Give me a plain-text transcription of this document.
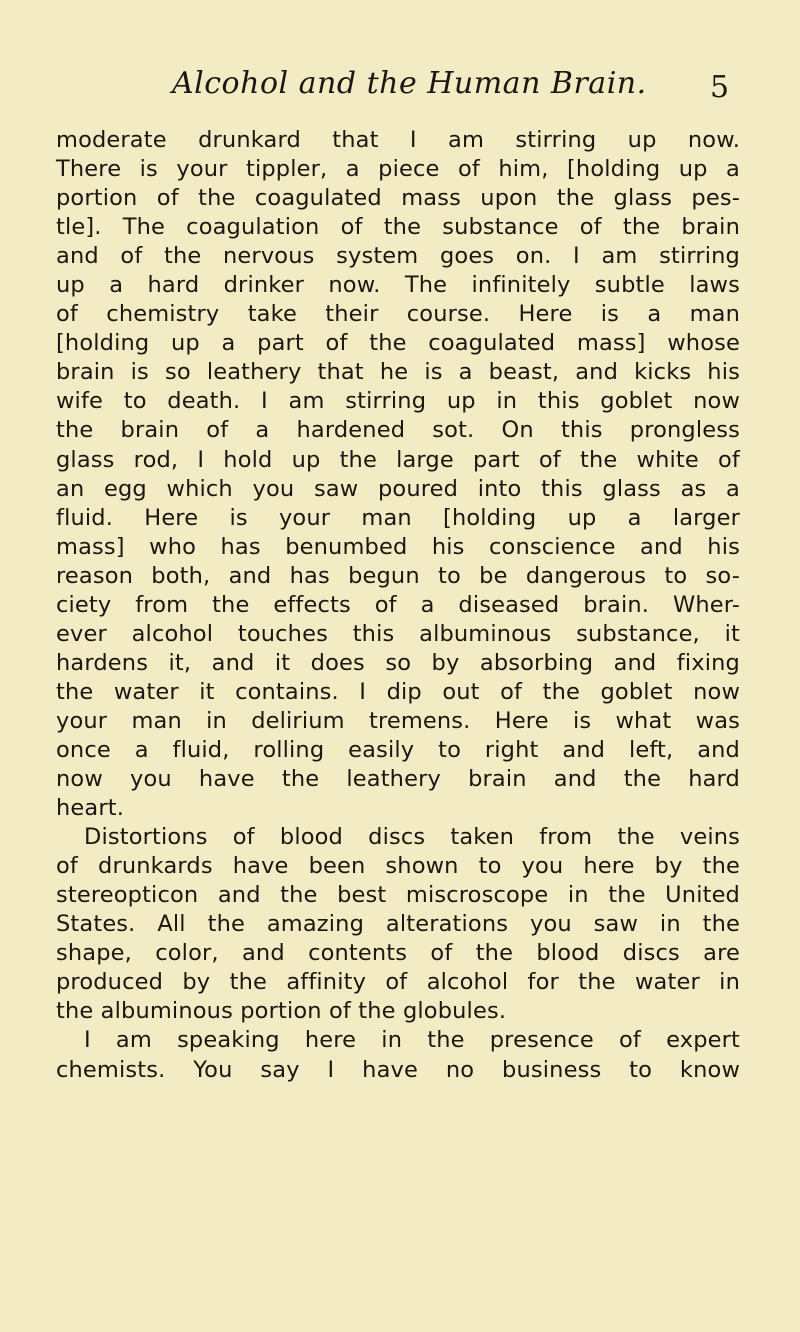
Alcohol and the Human Brain. 5
moderate drunkard that I am stirring up now.
There is your tippler, a piece of him, [holding up a
portion of the coagulated mass upon the glass pes-
tle]. The coagulation of the substance of the brain
and of the nervous system goes on. I am stirring
up a hard drinker now. The infinitely subtle laws
of chemistry take their course. Here is a man
[holding up a part of the coagulated mass] whose
brain is so leathery that he is a beast, and kicks his
wife to death. I am stirring up in this goblet now
the brain of a hardened sot. On this prongless
glass rod, I hold up the large part of the white of
an egg which you saw poured into this glass as a
fluid. Here is your man [holding up a larger
mass] who has benumbed his conscience and his
reason both, and has begun to be dangerous to so-
ciety from the effects of a diseased brain. Wher-
ever alcohol touches this albuminous substance, it
hardens it, and it does so by absorbing and fixing
the water it contains. I dip out of the goblet now
your man in delirium tremens. Here is what was
once a fluid, rolling easily to right and left, and
now you have the leathery brain and the hard
heart.
Distortions of blood discs taken from the veins
of drunkards have been shown to you here by the
stereopticon and the best miscroscope in the United
States. All the amazing alterations you saw in the
shape, color, and contents of the blood discs are
produced by the affinity of alcohol for the water in
the albuminous portion of the globules.
I am speaking here in the presence of expert
chemists. You say I have no business to know
